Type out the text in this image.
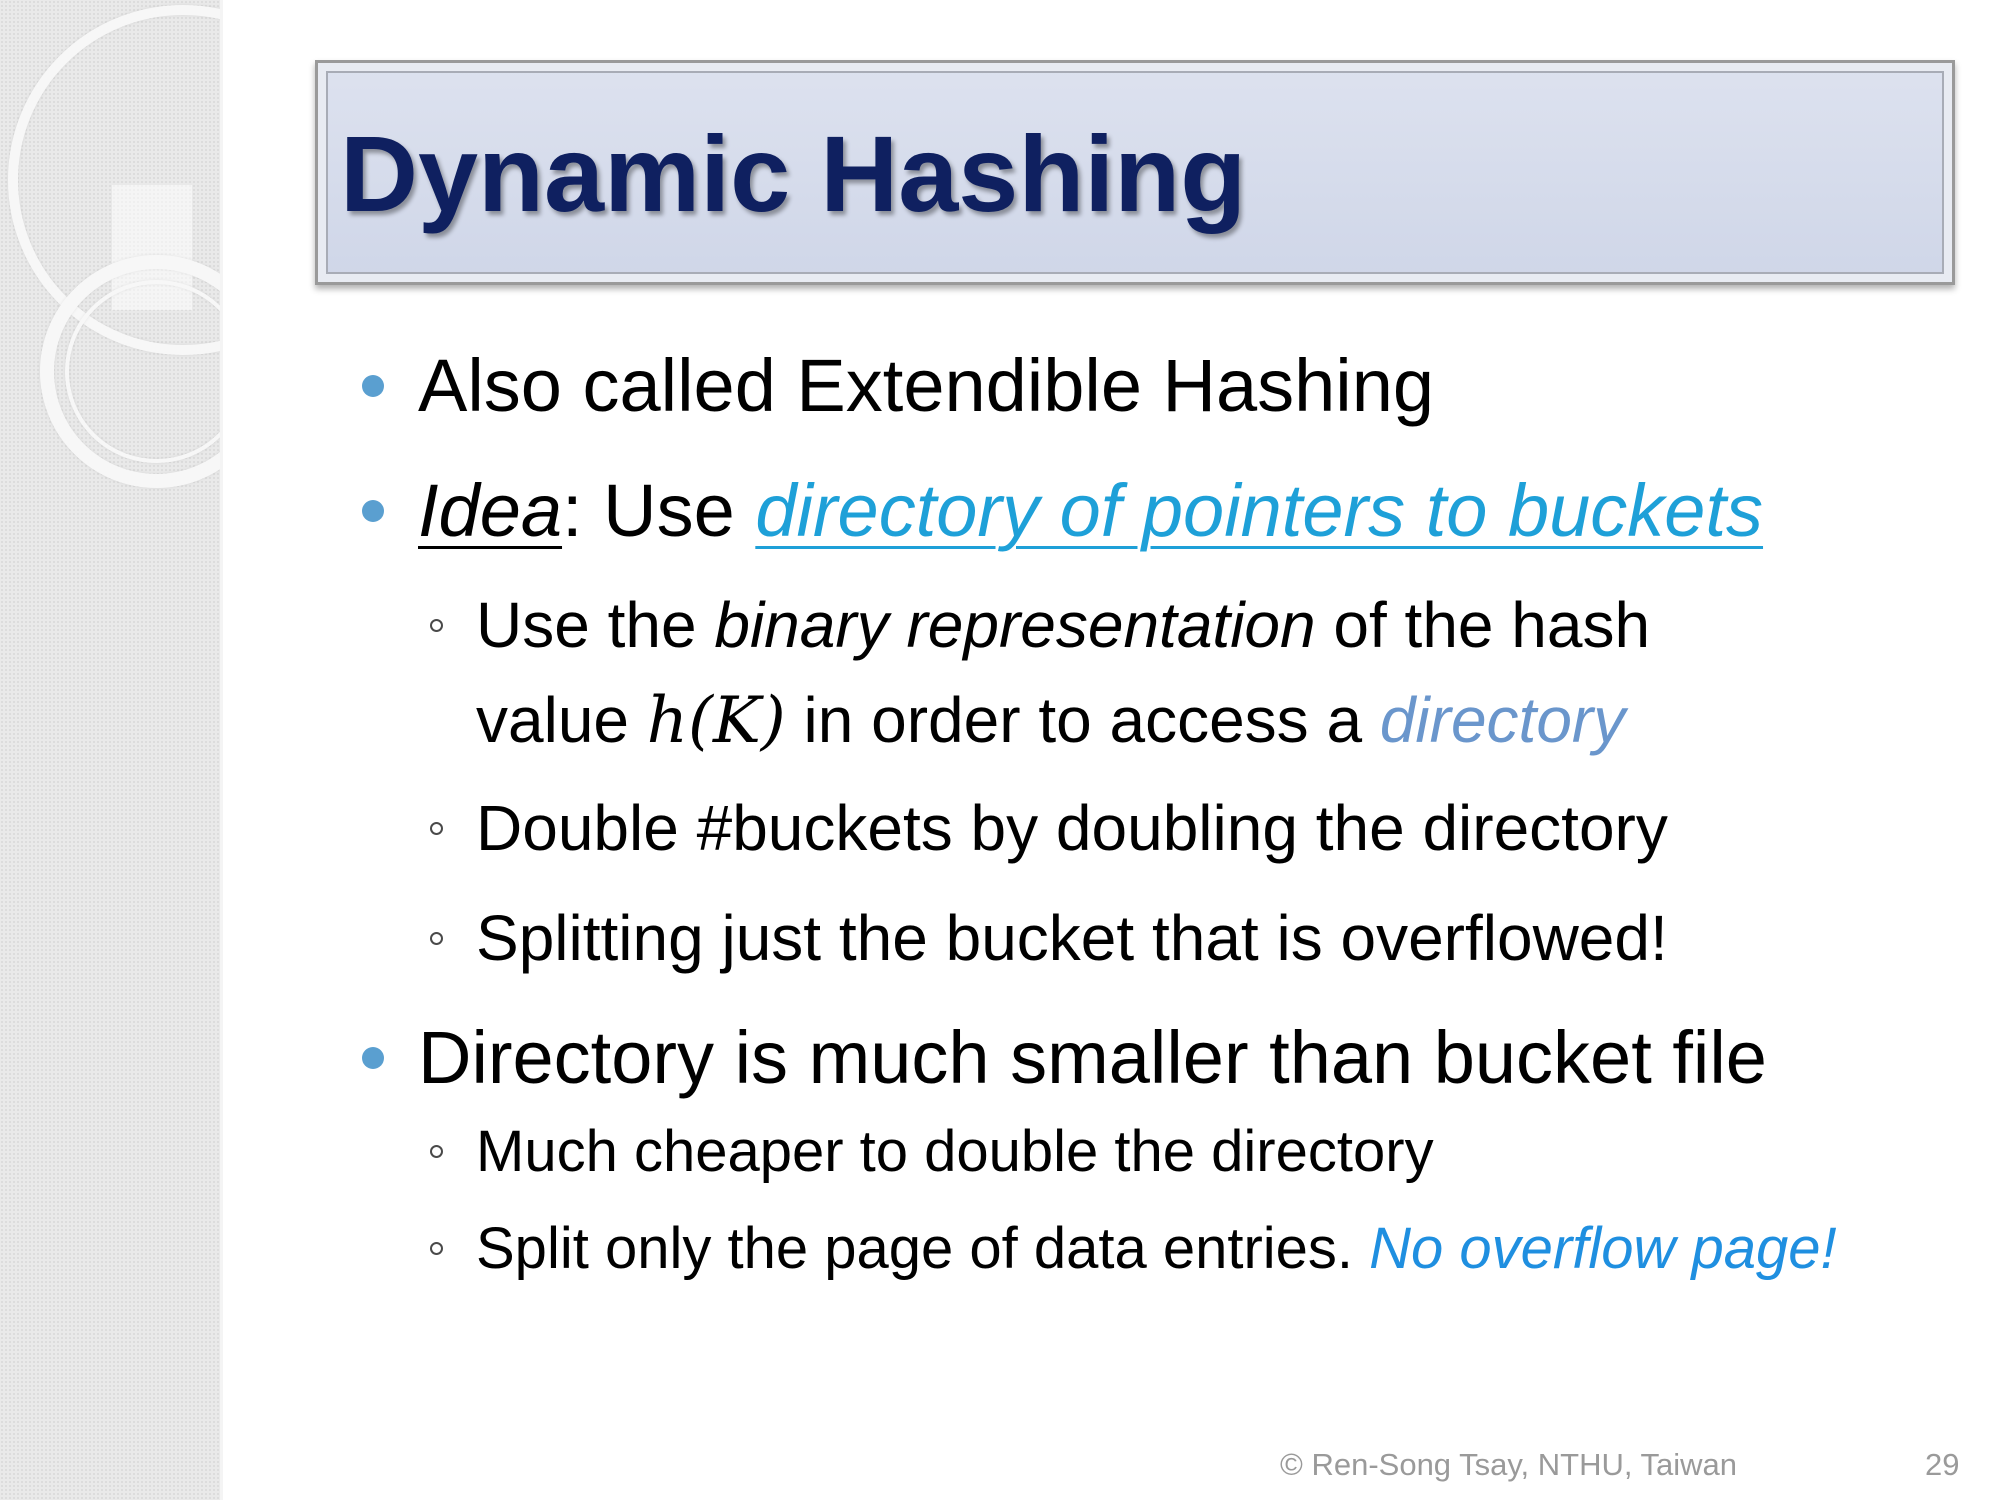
Dynamic Hashing
Also called Extendible Hashing
Idea: Use directory of pointers to buckets
Use the binary representation of the hash
value h(K) in order to access a directory
Double #buckets by doubling the directory
Splitting just the bucket that is overflowed!
Directory is much smaller than bucket file
Much cheaper to double the directory
Split only the page of data entries. No overflow page!
© Ren-Song Tsay, NTHU, Taiwan	29
